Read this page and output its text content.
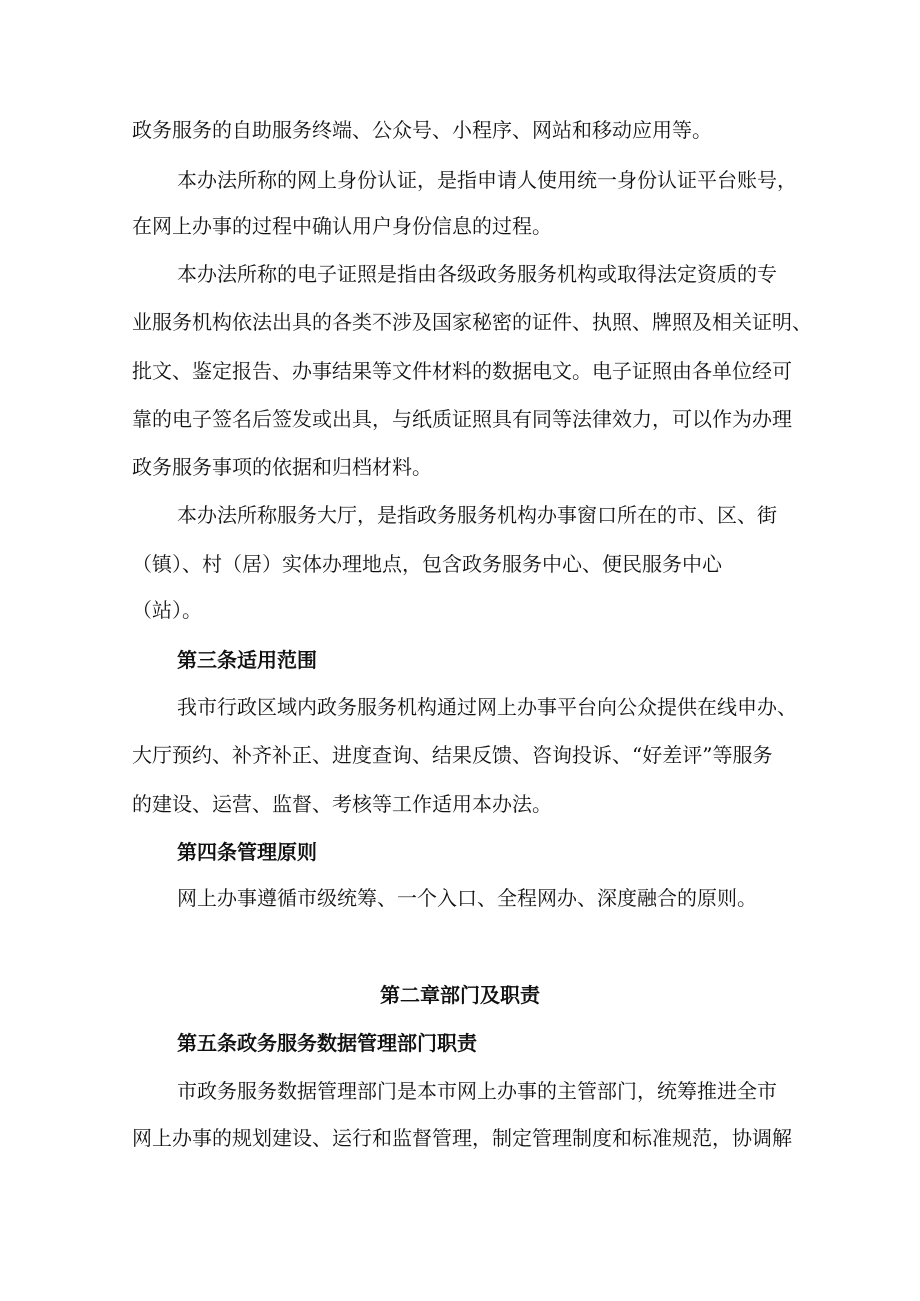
政务服务的自助服务终端、公众号、小程序、网站和移动应用等。
本办法所称的网上身份认证，是指申请人使用统一身份认证平台账号，
在网上办事的过程中确认用户身份信息的过程。
本办法所称的电子证照是指由各级政务服务机构或取得法定资质的专
业服务机构依法出具的各类不涉及国家秘密的证件、执照、牌照及相关证明、
批文、鉴定报告、办事结果等文件材料的数据电文。电子证照由各单位经可
靠的电子签名后签发或出具，与纸质证照具有同等法律效力，可以作为办理
政务服务事项的依据和归档材料。
本办法所称服务大厅，是指政务服务机构办事窗口所在的市、区、街
（镇）、村（居）实体办理地点，包含政务服务中心、便民服务中心
（站）。
第三条适用范围
我市行政区域内政务服务机构通过网上办事平台向公众提供在线申办、
大厅预约、补齐补正、进度查询、结果反馈、咨询投诉、“好差评”等服务
的建设、运营、监督、考核等工作适用本办法。
第四条管理原则
网上办事遵循市级统筹、一个入口、全程网办、深度融合的原则。
第二章部门及职责
第五条政务服务数据管理部门职责
市政务服务数据管理部门是本市网上办事的主管部门，统筹推进全市
网上办事的规划建设、运行和监督管理，制定管理制度和标准规范，协调解
